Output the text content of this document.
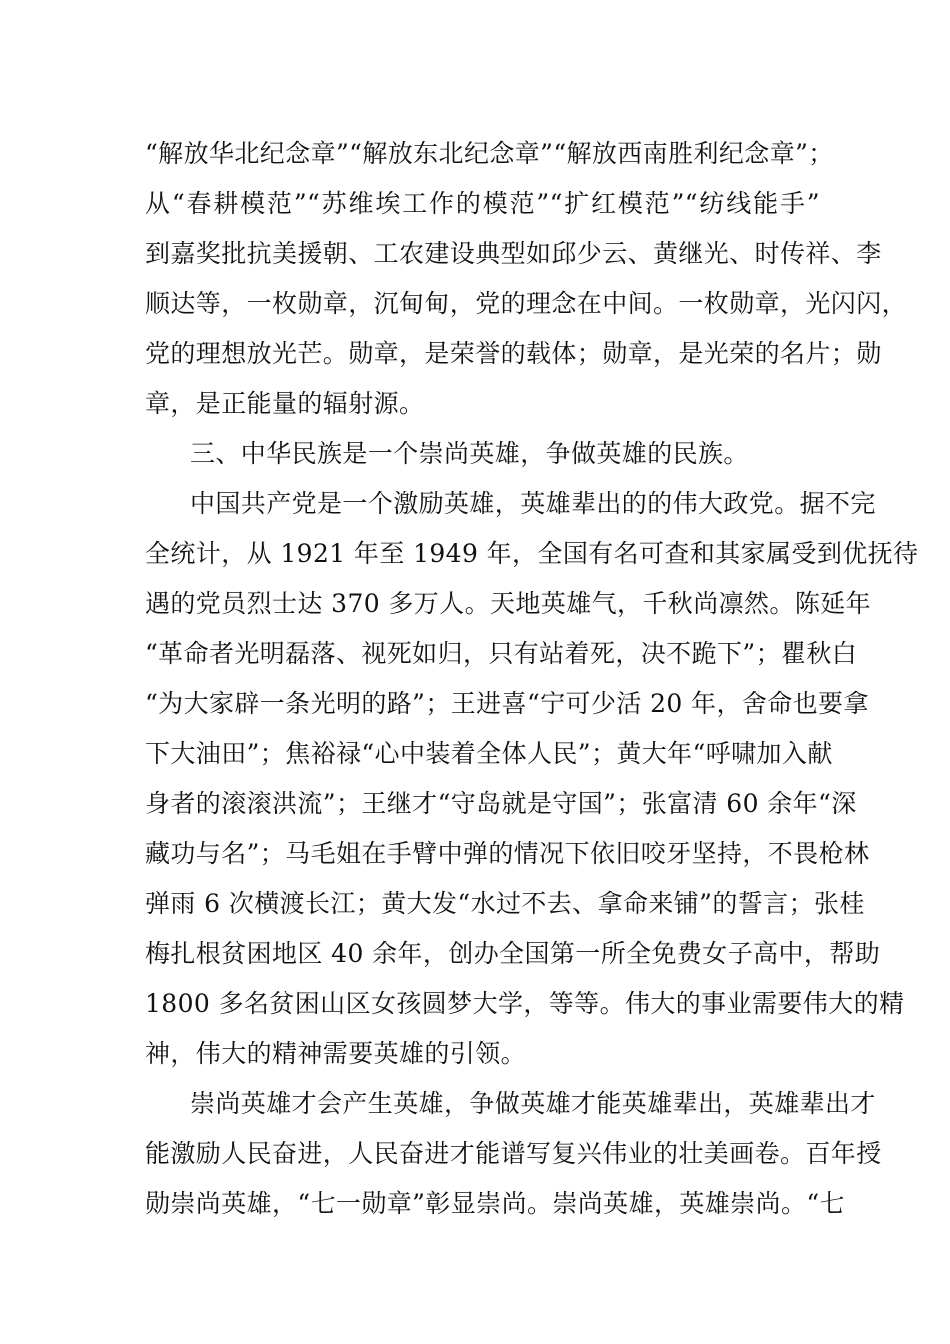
“解放华北纪念章”“解放东北纪念章”“解放西南胜利纪念章”；
从“春耕模范”“苏维埃工作的模范”“扩红模范”“纺线能手”
到嘉奖批抗美援朝、工农建设典型如邱少云、黄继光、时传祥、李
顺达等，一枚勋章，沉甸甸，党的理念在中间。一枚勋章，光闪闪，
党的理想放光芒。勋章，是荣誉的载体；勋章，是光荣的名片；勋
章，是正能量的辐射源。
三、中华民族是一个崇尚英雄，争做英雄的民族。
中国共产党是一个激励英雄，英雄辈出的的伟大政党。据不完
全统计，从 1921 年至 1949 年，全国有名可查和其家属受到优抚待
遇的党员烈士达 370 多万人。天地英雄气，千秋尚凛然。陈延年
“革命者光明磊落、视死如归，只有站着死，决不跪下”；瞿秋白
“为大家辟一条光明的路”；王进喜“宁可少活 20 年，舍命也要拿
下大油田”；焦裕禄“心中装着全体人民”；黄大年“呼啸加入献
身者的滚滚洪流”；王继才“守岛就是守国”；张富清 60 余年“深
藏功与名”；马毛姐在手臂中弹的情况下依旧咬牙坚持，不畏枪林
弹雨 6 次横渡长江；黄大发“水过不去、拿命来铺”的誓言；张桂
梅扎根贫困地区 40 余年，创办全国第一所全免费女子高中，帮助
1800 多名贫困山区女孩圆梦大学，等等。伟大的事业需要伟大的精
神，伟大的精神需要英雄的引领。
崇尚英雄才会产生英雄，争做英雄才能英雄辈出，英雄辈出才
能激励人民奋进，人民奋进才能谱写复兴伟业的壮美画卷。百年授
勋崇尚英雄，“七一勋章”彰显崇尚。崇尚英雄，英雄崇尚。“七
